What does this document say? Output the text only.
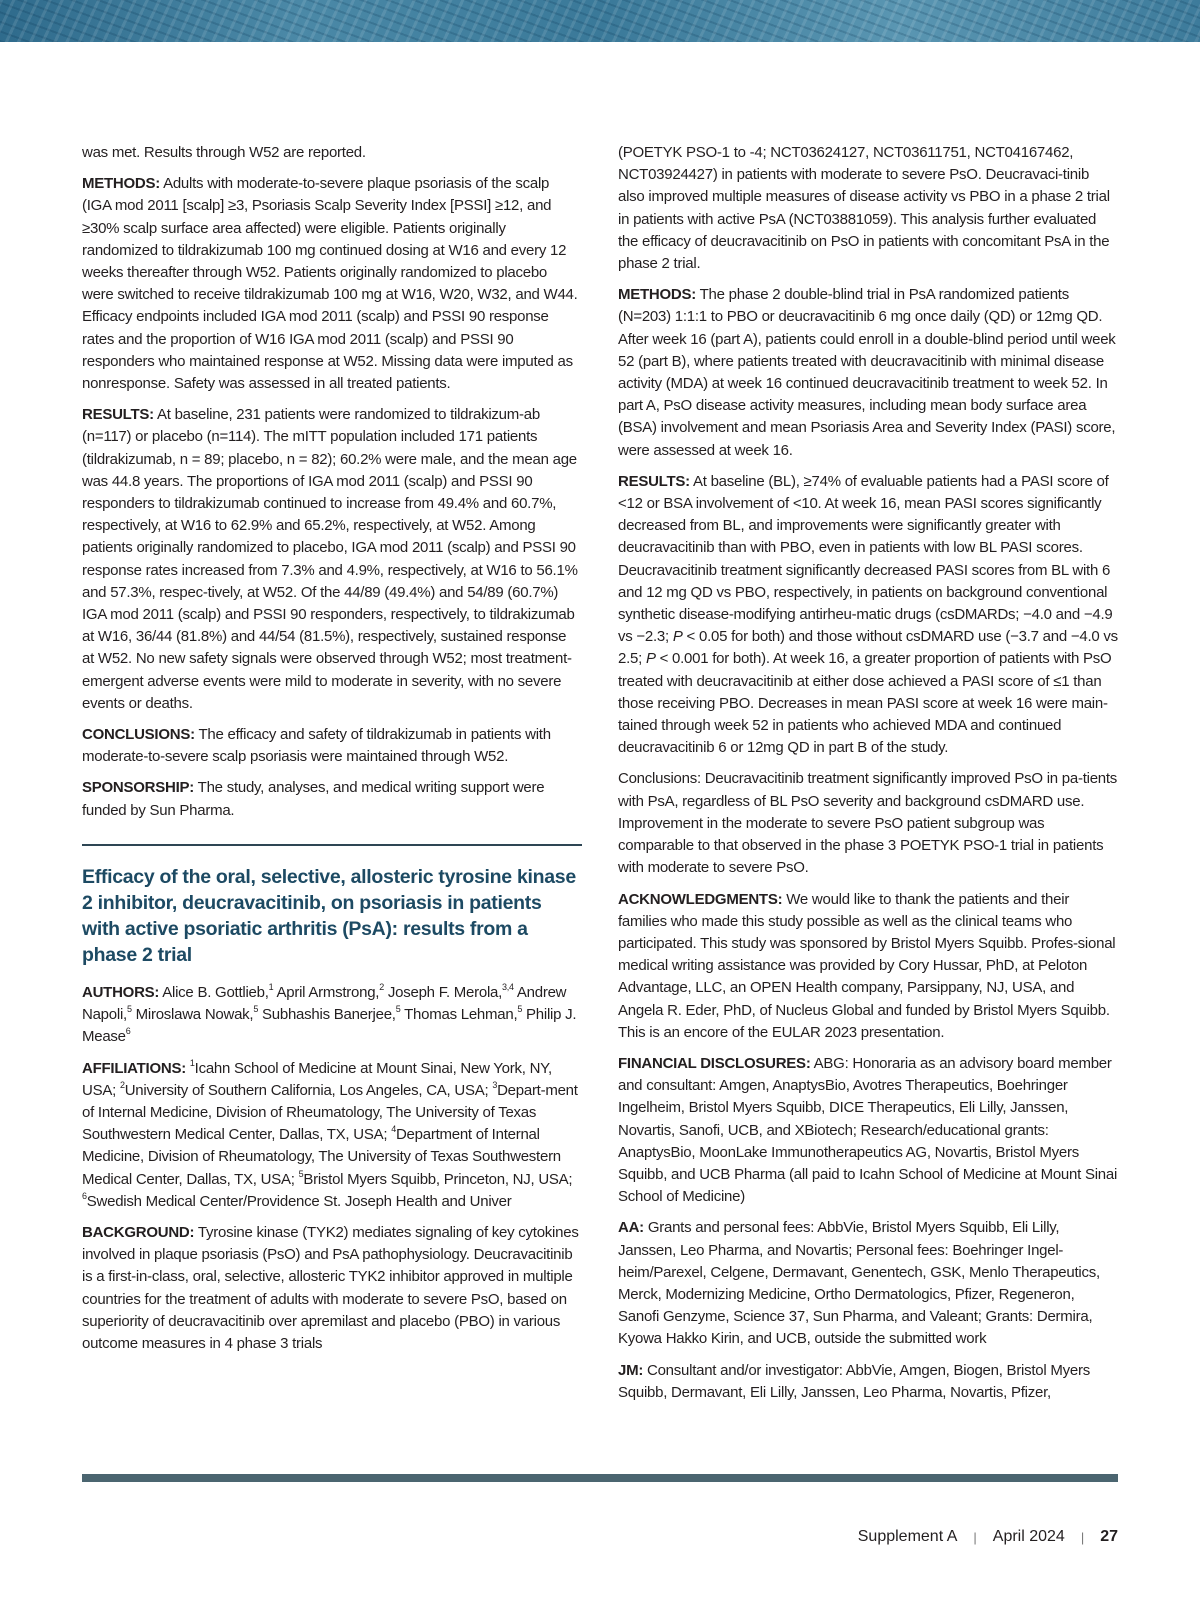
was met. Results through W52 are reported.

METHODS: Adults with moderate-to-severe plaque psoriasis of the scalp (IGA mod 2011 [scalp] ≥3, Psoriasis Scalp Severity Index [PSSI] ≥12, and ≥30% scalp surface area affected) were eligible. Patients originally randomized to tildrakizumab 100 mg continued dosing at W16 and every 12 weeks thereafter through W52. Patients originally randomized to placebo were switched to receive tildrakizumab 100 mg at W16, W20, W32, and W44. Efficacy endpoints included IGA mod 2011 (scalp) and PSSI 90 response rates and the proportion of W16 IGA mod 2011 (scalp) and PSSI 90 responders who maintained response at W52. Missing data were imputed as nonresponse. Safety was assessed in all treated patients.

RESULTS: At baseline, 231 patients were randomized to tildrakizum-ab (n=117) or placebo (n=114). The mITT population included 171 patients (tildrakizumab, n = 89; placebo, n = 82); 60.2% were male, and the mean age was 44.8 years. The proportions of IGA mod 2011 (scalp) and PSSI 90 responders to tildrakizumab continued to increase from 49.4% and 60.7%, respectively, at W16 to 62.9% and 65.2%, respectively, at W52. Among patients originally randomized to placebo, IGA mod 2011 (scalp) and PSSI 90 response rates increased from 7.3% and 4.9%, respectively, at W16 to 56.1% and 57.3%, respec-tively, at W52. Of the 44/89 (49.4%) and 54/89 (60.7%) IGA mod 2011 (scalp) and PSSI 90 responders, respectively, to tildrakizumab at W16, 36/44 (81.8%) and 44/54 (81.5%), respectively, sustained response at W52. No new safety signals were observed through W52; most treatment-emergent adverse events were mild to moderate in severity, with no severe events or deaths.

CONCLUSIONS: The efficacy and safety of tildrakizumab in patients with moderate-to-severe scalp psoriasis were maintained through W52.

SPONSORSHIP: The study, analyses, and medical writing support were funded by Sun Pharma.

Efficacy of the oral, selective, allosteric tyrosine kinase 2 inhibitor, deucravacitinib, on psoriasis in patients with active psoriatic arthritis (PsA): results from a phase 2 trial

AUTHORS: Alice B. Gottlieb,$^1$ April Armstrong,$^2$ Joseph F. Merola,$^{3,4}$ Andrew Napoli,$^5$ Miroslawa Nowak,$^5$ Subhashis Banerjee,$^5$ Thomas Lehman,$^5$ Philip J. Mease$^6$

AFFILIATIONS: $^1$Icahn School of Medicine at Mount Sinai, New York, NY, USA; $^2$University of Southern California, Los Angeles, CA, USA; $^3$Depart-ment of Internal Medicine, Division of Rheumatology, The University of Texas Southwestern Medical Center, Dallas, TX, USA; $^4$Department of Internal Medicine, Division of Rheumatology, The University of Texas Southwestern Medical Center, Dallas, TX, USA; $^5$Bristol Myers Squibb, Princeton, NJ, USA; $^6$Swedish Medical Center/Providence St. Joseph Health and Univer

BACKGROUND: Tyrosine kinase (TYK2) mediates signaling of key cytokines involved in plaque psoriasis (PsO) and PsA pathophysiology. Deucravacitinib is a first-in-class, oral, selective, allosteric TYK2 inhibitor approved in multiple countries for the treatment of adults with moderate to severe PsO, based on superiority of deucravacitinib over apremilast and placebo (PBO) in various outcome measures in 4 phase 3 trials

(POETYK PSO-1 to -4; NCT03624127, NCT03611751, NCT04167462, NCT03924427) in patients with moderate to severe PsO. Deucravaci-tinib also improved multiple measures of disease activity vs PBO in a phase 2 trial in patients with active PsA (NCT03881059). This analysis further evaluated the efficacy of deucravacitinib on PsO in patients with concomitant PsA in the phase 2 trial.

METHODS: The phase 2 double-blind trial in PsA randomized patients (N=203) 1:1:1 to PBO or deucravacitinib 6 mg once daily (QD) or 12mg QD. After week 16 (part A), patients could enroll in a double-blind period until week 52 (part B), where patients treated with deucravacitinib with minimal disease activity (MDA) at week 16 continued deucravacitinib treatment to week 52. In part A, PsO disease activity measures, including mean body surface area (BSA) involvement and mean Psoriasis Area and Severity Index (PASI) score, were assessed at week 16.

RESULTS: At baseline (BL), ≥74% of evaluable patients had a PASI score of <12 or BSA involvement of <10. At week 16, mean PASI scores significantly decreased from BL, and improvements were significantly greater with deucravacitinib than with PBO, even in patients with low BL PASI scores. Deucravacitinib treatment significantly decreased PASI scores from BL with 6 and 12 mg QD vs PBO, respectively, in patients on background conventional synthetic disease-modifying antirheu-matic drugs (csDMARDs; −4.0 and −4.9 vs −2.3; P < 0.05 for both) and those without csDMARD use (−3.7 and −4.0 vs 2.5; P < 0.001 for both). At week 16, a greater proportion of patients with PsO treated with deucravacitinib at either dose achieved a PASI score of ≤1 than those receiving PBO. Decreases in mean PASI score at week 16 were main-tained through week 52 in patients who achieved MDA and continued deucravacitinib 6 or 12mg QD in part B of the study.

Conclusions: Deucravacitinib treatment significantly improved PsO in pa-tients with PsA, regardless of BL PsO severity and background csDMARD use. Improvement in the moderate to severe PsO patient subgroup was comparable to that observed in the phase 3 POETYK PSO-1 trial in patients with moderate to severe PsO.

ACKNOWLEDGMENTS: We would like to thank the patients and their families who made this study possible as well as the clinical teams who participated. This study was sponsored by Bristol Myers Squibb. Profes-sional medical writing assistance was provided by Cory Hussar, PhD, at Peloton Advantage, LLC, an OPEN Health company, Parsippany, NJ, USA, and Angela R. Eder, PhD, of Nucleus Global and funded by Bristol Myers Squibb. This is an encore of the EULAR 2023 presentation.

FINANCIAL DISCLOSURES: ABG: Honoraria as an advisory board member and consultant: Amgen, AnaptysBio, Avotres Therapeutics, Boehringer Ingelheim, Bristol Myers Squibb, DICE Therapeutics, Eli Lilly, Janssen, Novartis, Sanofi, UCB, and XBiotech; Research/educational grants: AnaptysBio, MoonLake Immunotherapeutics AG, Novartis, Bristol Myers Squibb, and UCB Pharma (all paid to Icahn School of Medicine at Mount Sinai School of Medicine)

AA: Grants and personal fees: AbbVie, Bristol Myers Squibb, Eli Lilly, Janssen, Leo Pharma, and Novartis; Personal fees: Boehringer Ingel-heim/Parexel, Celgene, Dermavant, Genentech, GSK, Menlo Therapeutics, Merck, Modernizing Medicine, Ortho Dermatologics, Pfizer, Regeneron, Sanofi Genzyme, Science 37, Sun Pharma, and Valeant; Grants: Dermira, Kyowa Hakko Kirin, and UCB, outside the submitted work

JM: Consultant and/or investigator: AbbVie, Amgen, Biogen, Bristol Myers Squibb, Dermavant, Eli Lilly, Janssen, Leo Pharma, Novartis, Pfizer,

Supplement A | April 2024 | 27
